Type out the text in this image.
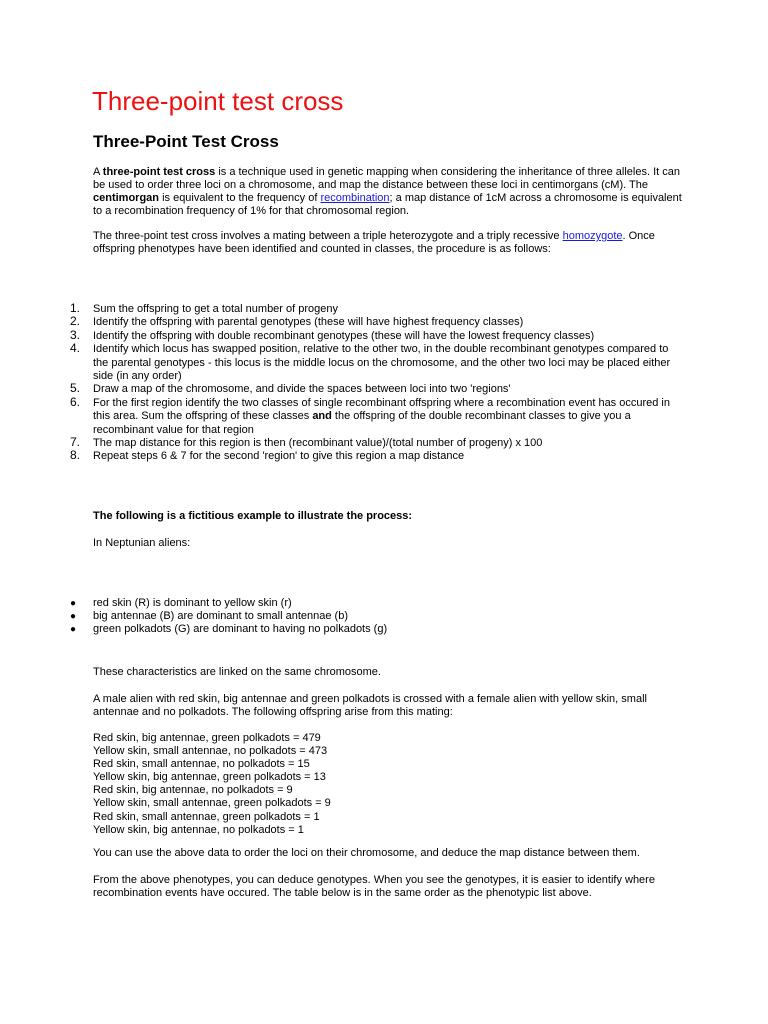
Three-point test cross
Three-Point Test Cross

A three-point test cross is a technique used in genetic mapping when considering the inheritance of three alleles. It can be used to order three loci on a chromosome, and map the distance between these loci in centimorgans (cM). The centimorgan is equivalent to the frequency of recombination; a map distance of 1cM across a chromosome is equivalent to a recombination frequency of 1% for that chromosomal region.

The three-point test cross involves a mating between a triple heterozygote and a triply recessive homozygote. Once offspring phenotypes have been identified and counted in classes, the procedure is as follows:

1. Sum the offspring to get a total number of progeny
2. Identify the offspring with parental genotypes (these will have highest frequency classes)
3. Identify the offspring with double recombinant genotypes (these will have the lowest frequency classes)
4. Identify which locus has swapped position, relative to the other two, in the double recombinant genotypes compared to the parental genotypes - this locus is the middle locus on the chromosome, and the other two loci may be placed either side (in any order)
5. Draw a map of the chromosome, and divide the spaces between loci into two 'regions'
6. For the first region identify the two classes of single recombinant offspring where a recombination event has occured in this area. Sum the offspring of these classes and the offspring of the double recombinant classes to give you a recombinant value for that region
7. The map distance for this region is then (recombinant value)/(total number of progeny) x 100
8. Repeat steps 6 & 7 for the second 'region' to give this region a map distance

The following is a fictitious example to illustrate the process:

In Neptunian aliens:

● red skin (R) is dominant to yellow skin (r)
● big antennae (B) are dominant to small antennae (b)
● green polkadots (G) are dominant to having no polkadots (g)

These characteristics are linked on the same chromosome.

A male alien with red skin, big antennae and green polkadots is crossed with a female alien with yellow skin, small antennae and no polkadots. The following offspring arise from this mating:

Red skin, big antennae, green polkadots = 479
Yellow skin, small antennae, no polkadots = 473
Red skin, small antennae, no polkadots = 15
Yellow skin, big antennae, green polkadots = 13
Red skin, big antennae, no polkadots = 9
Yellow skin, small antennae, green polkadots = 9
Red skin, small antennae, green polkadots = 1
Yellow skin, big antennae, no polkadots = 1

You can use the above data to order the loci on their chromosome, and deduce the map distance between them.

From the above phenotypes, you can deduce genotypes. When you see the genotypes, it is easier to identify where recombination events have occured. The table below is in the same order as the phenotypic list above.
